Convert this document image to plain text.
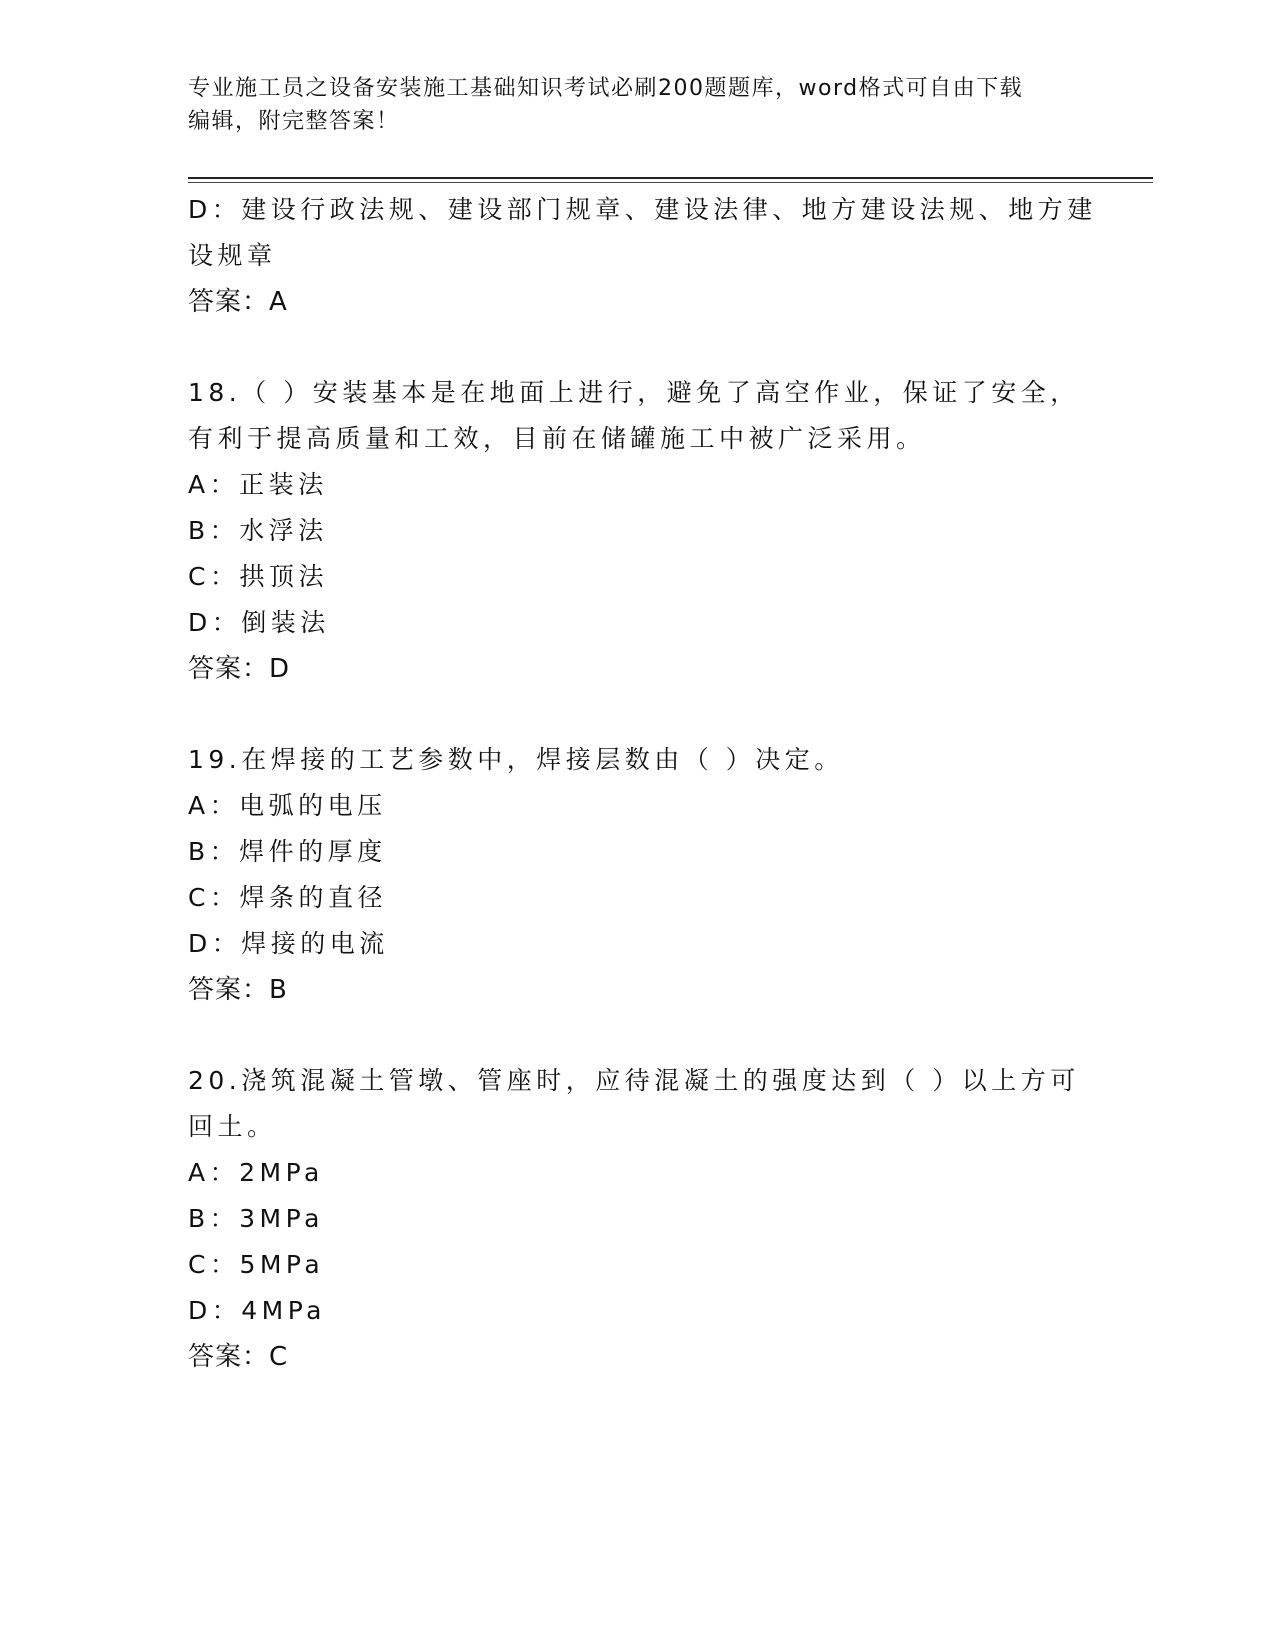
专业施工员之设备安装施工基础知识考试必刷200题题库，word格式可自由下载
编辑，附完整答案！
D：建设行政法规、建设部门规章、建设法律、地方建设法规、地方建
设规章
答案：A
18.（ ）安装基本是在地面上进行，避免了高空作业，保证了安全，
有利于提高质量和工效，目前在储罐施工中被广泛采用。
A：正装法
B：水浮法
C：拱顶法
D：倒装法
答案：D
19.在焊接的工艺参数中，焊接层数由（ ）决定。
A：电弧的电压
B：焊件的厚度
C：焊条的直径
D：焊接的电流
答案：B
20.浇筑混凝土管墩、管座时，应待混凝土的强度达到（ ）以上方可
回土。
A：2MPa
B：3MPa
C：5MPa
D：4MPa
答案：C
